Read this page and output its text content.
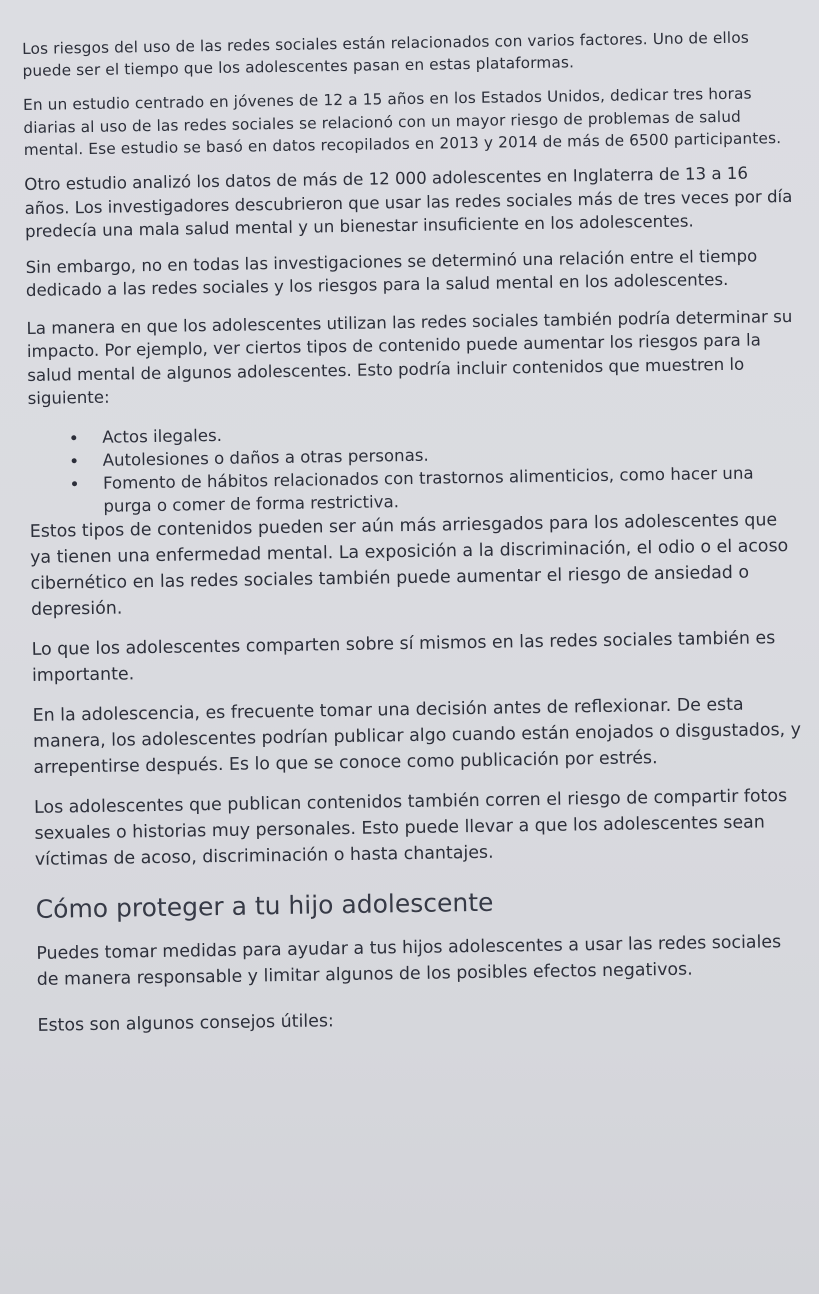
Los riesgos del uso de las redes sociales están relacionados con varios factores. Uno de ellos puede ser el tiempo que los adolescentes pasan en estas plataformas.

En un estudio centrado en jóvenes de 12 a 15 años en los Estados Unidos, dedicar tres horas diarias al uso de las redes sociales se relacionó con un mayor riesgo de problemas de salud mental. Ese estudio se basó en datos recopilados en 2013 y 2014 de más de 6500 participantes.

Otro estudio analizó los datos de más de 12 000 adolescentes en Inglaterra de 13 a 16 años. Los investigadores descubrieron que usar las redes sociales más de tres veces por día predecía una mala salud mental y un bienestar insuficiente en los adolescentes.

Sin embargo, no en todas las investigaciones se determinó una relación entre el tiempo dedicado a las redes sociales y los riesgos para la salud mental en los adolescentes.

La manera en que los adolescentes utilizan las redes sociales también podría determinar su impacto. Por ejemplo, ver ciertos tipos de contenido puede aumentar los riesgos para la salud mental de algunos adolescentes. Esto podría incluir contenidos que muestren lo siguiente:

• Actos ilegales.
• Autolesiones o daños a otras personas.
• Fomento de hábitos relacionados con trastornos alimenticios, como hacer una purga o comer de forma restrictiva.

Estos tipos de contenidos pueden ser aún más arriesgados para los adolescentes que ya tienen una enfermedad mental. La exposición a la discriminación, el odio o el acoso cibernético en las redes sociales también puede aumentar el riesgo de ansiedad o depresión.

Lo que los adolescentes comparten sobre sí mismos en las redes sociales también es importante.

En la adolescencia, es frecuente tomar una decisión antes de reflexionar. De esta manera, los adolescentes podrían publicar algo cuando están enojados o disgustados, y arrepentirse después. Es lo que se conoce como publicación por estrés.

Los adolescentes que publican contenidos también corren el riesgo de compartir fotos sexuales o historias muy personales. Esto puede llevar a que los adolescentes sean víctimas de acoso, discriminación o hasta chantajes.

Cómo proteger a tu hijo adolescente

Puedes tomar medidas para ayudar a tus hijos adolescentes a usar las redes sociales de manera responsable y limitar algunos de los posibles efectos negativos.

Estos son algunos consejos útiles:
